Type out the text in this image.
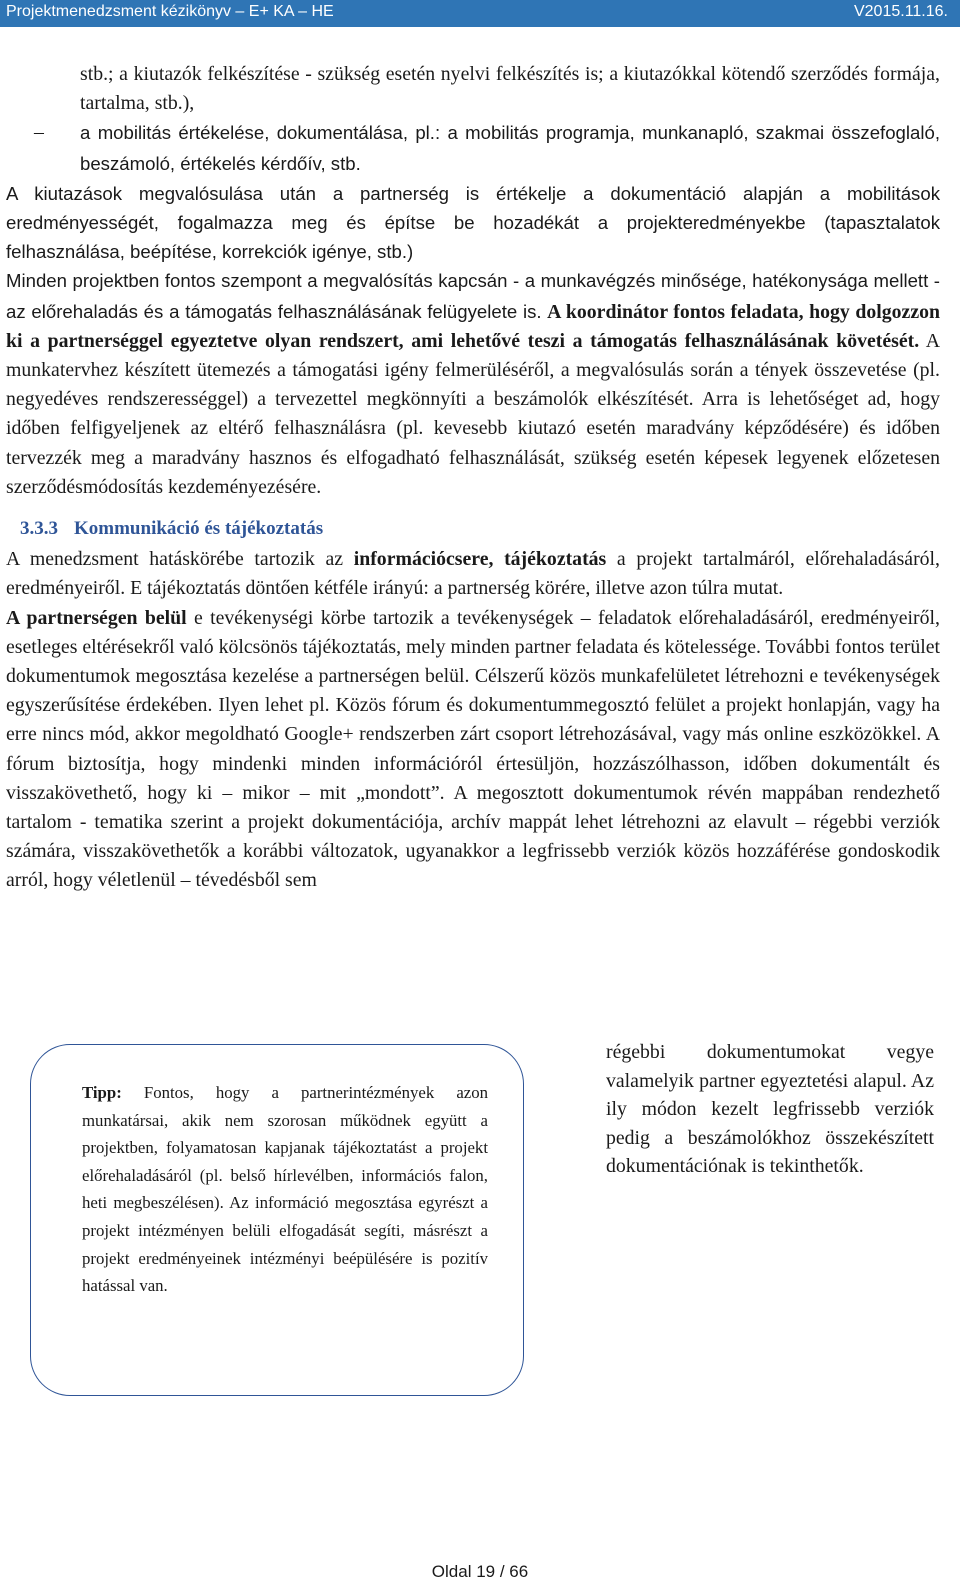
Projektmenedzsment kézikönyv – E+ KA – HE	V2015.11.16.

stb.; a kiutazók felkészítése - szükség esetén nyelvi felkészítés is; a kiutazókkal kötendő szerződés formája, tartalma, stb.),

– a mobilitás értékelése, dokumentálása, pl.: a mobilitás programja, munkanapló, szakmai összefoglaló, beszámoló, értékelés kérdőív, stb.

A kiutazások megvalósulása után a partnerség is értékelje a dokumentáció alapján a mobilitások eredményességét, fogalmazza meg és építse be hozadékát a projekteredményekbe (tapasztalatok felhasználása, beépítése, korrekciók igénye, stb.)

Minden projektben fontos szempont a megvalósítás kapcsán - a munkavégzés minősége, hatékonysága mellett - az előrehaladás és a támogatás felhasználásának felügyelete is. A koordinátor fontos feladata, hogy dolgozzon ki a partnerséggel egyeztetve olyan rendszert, ami lehetővé teszi a támogatás felhasználásának követését. A munkatervhez készített ütemezés a támogatási igény felmerüléséről, a megvalósulás során a tények összevetése (pl. negyedéves rendszerességgel) a tervezettel megkönnyíti a beszámolók elkészítését. Arra is lehetőséget ad, hogy időben felfigyeljenek az eltérő felhasználásra (pl. kevesebb kiutazó esetén maradvány képződésére) és időben tervezzék meg a maradvány hasznos és elfogadható felhasználását, szükség esetén képesek legyenek előzetesen szerződésmódosítás kezdeményezésére.

3.3.3 Kommunikáció és tájékoztatás

A menedzsment hatáskörébe tartozik az információcsere, tájékoztatás a projekt tartalmáról, előrehaladásáról, eredményeiről. E tájékoztatás döntően kétféle irányú: a partnerség körére, illetve azon túlra mutat.

A partnerségen belül e tevékenységi körbe tartozik a tevékenységek – feladatok előrehaladásáról, eredményeiről, esetleges eltérésekről való kölcsönös tájékoztatás, mely minden partner feladata és kötelessége. További fontos terület dokumentumok megosztása kezelése a partnerségen belül. Célszerű közös munkafelületet létrehozni e tevékenységek egyszerűsítése érdekében. Ilyen lehet pl. Közös fórum és dokumentummegosztó felület a projekt honlapján, vagy ha erre nincs mód, akkor megoldható Google+ rendszerben zárt csoport létrehozásával, vagy más online eszközökkel. A fórum biztosítja, hogy mindenki minden információról értesüljön, hozzászólhasson, időben dokumentált és visszakövethető, hogy ki – mikor – mit „mondott”. A megosztott dokumentumok révén mappában rendezhető tartalom - tematika szerint a projekt dokumentációja, archív mappát lehet létrehozni az elavult – régebbi verziók számára, visszakövethetők a korábbi változatok, ugyanakkor a legfrissebb verziók közös hozzáférése gondoskodik arról, hogy véletlenül – tévedésből sem

Tipp: Fontos, hogy a partnerintézmények azon munkatársai, akik nem szorosan működnek együtt a projektben, folyamatosan kapjanak tájékoztatást a projekt előrehaladásáról (pl. belső hírlevélben, információs falon, heti megbeszélésen). Az információ megosztása egyrészt a projekt intézményen belüli elfogadását segíti, másrészt a projekt eredményeinek intézményi beépülésére is pozitív hatással van.
régebbi dokumentumokat vegye valamelyik partner egyeztetési alapul. Az ily módon kezelt legfrissebb verziók pedig a beszámolókhoz összekészített dokumentációnak is tekinthetők.
Oldal 19 / 66
